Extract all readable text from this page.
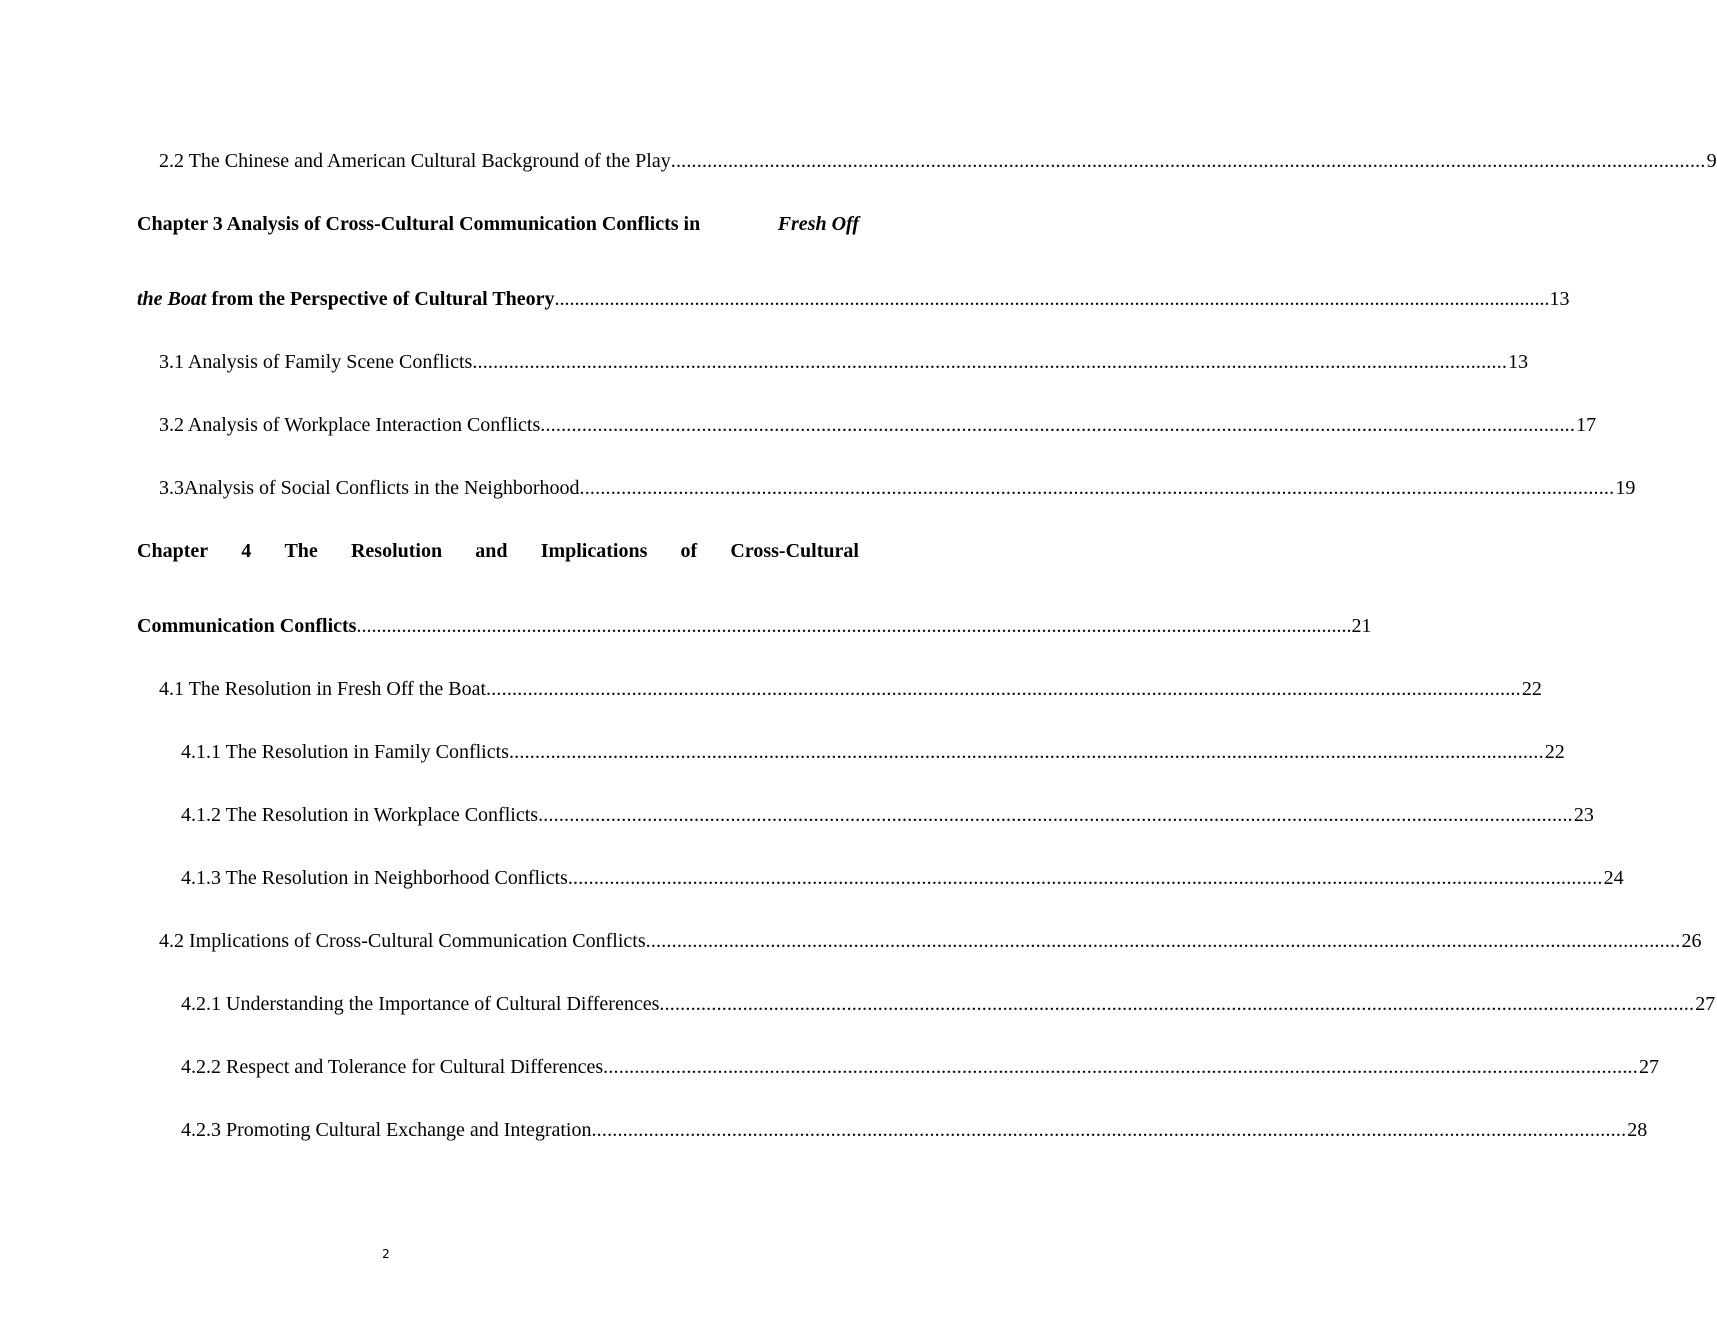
2.2 The Chinese and American Cultural Background of the Play ....................................................................................................................................................................................................... 9
Chapter 3 Analysis of Cross-Cultural Communication Conflicts in	Fresh Off
the Boat from the Perspective of Cultural Theory ....................................................................................................................................................................................................... 13
3.1 Analysis of Family Scene Conflicts ....................................................................................................................................................................................................... 13
3.2 Analysis of Workplace Interaction Conflicts ....................................................................................................................................................................................................... 17
3.3Analysis of Social Conflicts in the Neighborhood ....................................................................................................................................................................................................... 19
Chapter 4 The Resolution and Implications of Cross-Cultural
Communication Conflicts ....................................................................................................................................................................................................... 21
4.1 The Resolution in Fresh Off the Boat ....................................................................................................................................................................................................... 22
4.1.1 The Resolution in Family Conflicts ....................................................................................................................................................................................................... 22
4.1.2 The Resolution in Workplace Conflicts ....................................................................................................................................................................................................... 23
4.1.3 The Resolution in Neighborhood Conflicts ....................................................................................................................................................................................................... 24
4.2 Implications of Cross-Cultural Communication Conflicts ....................................................................................................................................................................................................... 26
4.2.1 Understanding the Importance of Cultural Differences ....................................................................................................................................................................................................... 27
4.2.2 Respect and Tolerance for Cultural Differences ....................................................................................................................................................................................................... 27
4.2.3 Promoting Cultural Exchange and Integration ....................................................................................................................................................................................................... 28
2
